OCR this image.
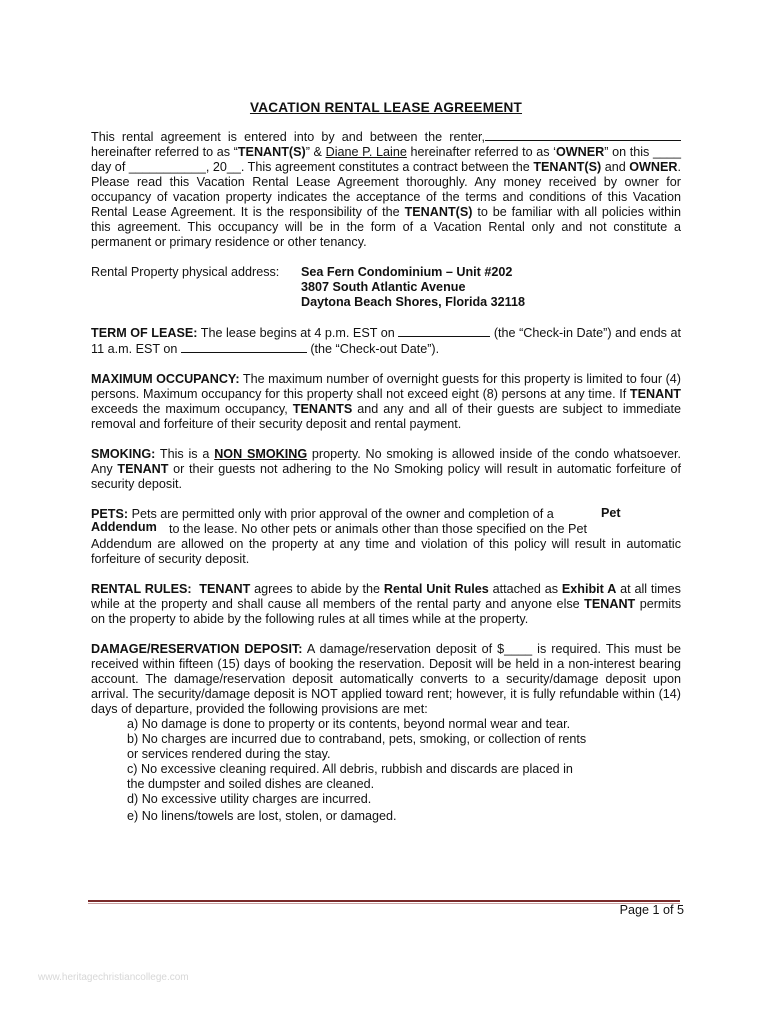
VACATION RENTAL LEASE AGREEMENT

This rental agreement is entered into by and between the renter, hereinafter referred to as “TENANT(S)” & Diane P. Laine hereinafter referred to as ‘OWNER” on this ____ day of ___________, 20__. This agreement constitutes a contract between the TENANT(S) and OWNER. Please read this Vacation Rental Lease Agreement thoroughly. Any money received by owner for occupancy of vacation property indicates the acceptance of the terms and conditions of this Vacation Rental Lease Agreement. It is the responsibility of the TENANT(S) to be familiar with all policies within this agreement. This occupancy will be in the form of a Vacation Rental only and not constitute a permanent or primary residence or other tenancy.

Rental Property physical address:	Sea Fern Condominium – Unit #202
3807 South Atlantic Avenue
Daytona Beach Shores, Florida 32118

TERM OF LEASE: The lease begins at 4 p.m. EST on	(the “Check-in Date”) and ends at 11 a.m. EST on	(the “Check-out Date”).

MAXIMUM OCCUPANCY: The maximum number of overnight guests for this property is limited to four (4) persons. Maximum occupancy for this property shall not exceed eight (8) persons at any time. If TENANT exceeds the maximum occupancy, TENANTS and any and all of their guests are subject to immediate removal and forfeiture of their security deposit and rental payment.

SMOKING: This is a NON SMOKING property. No smoking is allowed inside of the condo whatsoever. Any TENANT or their guests not adhering to the No Smoking policy will result in automatic forfeiture of security deposit.

PETS: Pets are permitted only with prior approval of the owner and completion of a
to the lease. No other pets or animals other than those specified on the Pet
Addendum are allowed on the property at any time and violation of this policy will result in automatic forfeiture of security deposit.
Pet
Addendum

RENTAL RULES: TENANT agrees to abide by the Rental Unit Rules attached as Exhibit A at all times while at the property and shall cause all members of the rental party and anyone else TENANT permits on the property to abide by the following rules at all times while at the property.

DAMAGE/RESERVATION DEPOSIT: A damage/reservation deposit of $____ is required. This must be received within fifteen (15) days of booking the reservation. Deposit will be held in a non-interest bearing account. The damage/reservation deposit automatically converts to a security/damage deposit upon arrival. The security/damage deposit is NOT applied toward rent; however, it is fully refundable within (14) days of departure, provided the following provisions are met:

a) No damage is done to property or its contents, beyond normal wear and tear.
b) No charges are incurred due to contraband, pets, smoking, or collection of rents
or services rendered during the stay.
c) No excessive cleaning required. All debris, rubbish and discards are placed in
the dumpster and soiled dishes are cleaned.
d) No excessive utility charges are incurred.
e) No linens/towels are lost, stolen, or damaged.
Page 1 of 5
www.heritagechristiancollege.com
